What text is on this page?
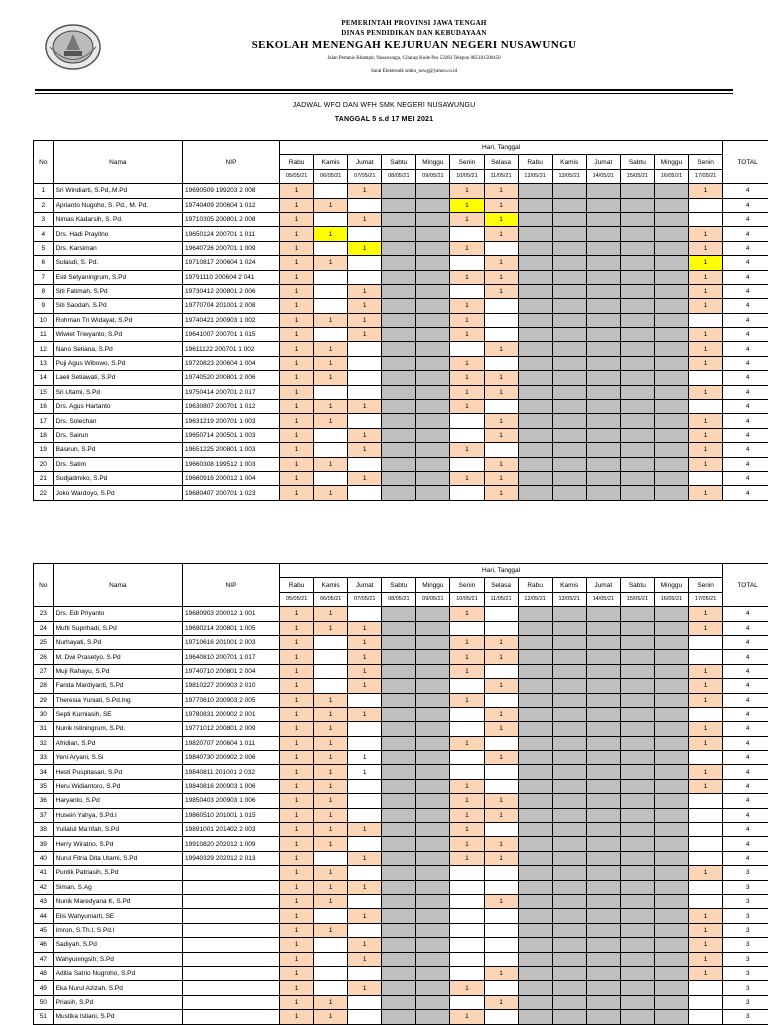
PEMERINTAH PROVINSI JAWA TENGAH
DINAS PENDIDIKAN DAN KEBUDAYAAN
SEKOLAH MENENGAH KEJURUAN NEGERI NUSAWUNGU
Jalan Pertanis Khampit, Nusawungu, Cilacap Kode Pos 53283 Telepon 085101500450
Surat Elektronik smkn_nswg@yahoo.co.id
JADWAL WFO DAN WFH SMK NEGERI NUSAWUNGU
TANGGAL 5 s.d 17 MEI 2021
No	Nama	NIP	Hari, Tanggal													TOTAL
			Rabu	Kamis	Jumat	Sabtu	Minggu	Senin	Selasa	Rabu	Kamis	Jumat	Sabtu	Minggu	Senin	
			05/05/21	06/05/21	07/05/21	08/05/21	09/05/21	10/05/21	11/05/21	12/05/21	13/05/21	14/05/21	15/05/21	16/05/21	17/05/21	
1	Sri Windiarti, S.Pd,.M.Pd	19690509 199203 2 008	1		1			1	1						1	4
2	Aprianto Nugoho, S. Pd., M. Pd.	19740409 200604 1 012	1	1				1	1							4
3	Nimas Kadarsih, S. Pd.	19710305 200801 2 008	1		1			1	1							4
4	Drs. Hadi Prayitno	19650124 200701 1 011	1	1					1						1	4
5	Drs. Karsiman	19640726 200701 1 009	1		1			1							1	4
6	Sulasdi, S. Pd.	19710817 200604 1 024	1	1					1						1	4
7	Esti Setyaningrum, S.Pd	19791110 200604 2 041	1					1	1						1	4
8	Siti Fatimah, S.Pd	19730412 200801 2 006	1		1				1						1	4
9	Siti Saodah, S.Pd	19770704 201001 2 008	1		1			1							1	4
10	Rohman Tri Widayat, S.Pd	19740421 200903 1 002	1	1	1			1								4
11	Wiwiet Triwyanto, S.Pd	19641007 200701 1 015	1		1			1							1	4
12	Nano Setiana, S.Pd	19611122 200701 1 002	1	1					1						1	4
13	Puji Agus Wibowo, S.Pd	19720823 200604 1 004	1	1				1							1	4
14	Laeli Setiawati, S.Pd	19740520 200801 2 006	1	1				1	1							4
15	Sri Utami, S.Pd	19750414 200701 2 017	1					1	1						1	4
16	Drs. Agus Hartanto	19630807 200701 1 012	1	1	1			1								4
17	Drs. Solechan	19631219 200701 1 003	1	1					1						1	4
18	Drs. Sairun	19650714 200501 1 003	1		1				1						1	4
19	Basirun, S.Pd	19651225 200801 1 003	1		1			1							1	4
20	Drs. Satim	19660308 199512 1 003	1	1					1						1	4
21	Sudjadmiko, S.Pd	19660916 200012 1 004	1		1			1	1							4
22	Joko Wardoyo, S.Pd	19680407 200701 1 023	1	1					1						1	4
No	Nama	NIP	Hari, Tanggal													TOTAL
			Rabu	Kamis	Jumat	Sabtu	Minggu	Senin	Selasa	Rabu	Kamis	Jumat	Sabtu	Minggu	Senin	
			05/05/21	06/05/21	07/05/21	08/05/21	09/05/21	10/05/21	11/05/21	12/05/21	13/05/21	14/05/21	15/05/21	16/05/21	17/05/21	
23	Drs. Edi Priyanto	19680903 200012 1 001	1	1				1							1	4
24	Mufti Suprihadi, S.Pd	19690214 200801 1 005	1	1	1										1	4
25	Nurhayati, S.Pd	19710616 201001 2 003	1		1			1	1							4
26	M. Dwi Prasetyo, S.Pd	19640810 200701 1 017	1		1			1	1							4
27	Muji Rahayu, S.Pd	19740710 200801 2 004	1		1			1							1	4
28	Farida Mardiyanti, S.Pd	19810227 200903 2 010	1		1				1						1	4
29	Theresia Yuniati, S.Pd.Ing	19770610 200903 2 005	1	1				1							1	4
30	Septi Kurniasih, SE	19780831 200902 2 001	1	1	1				1							4
31	Nunik Istiningrum, S.Pd.	19771012 200801 2 009	1	1					1						1	4
32	Afridian, S.Pd	19820707 200604 1 011	1	1				1							1	4
33	Yeni Aryani, S.Si	19840730 200902 2 006	1	1	1				1							4
34	Hesti Puspitasari, S.Pd	19840811 201001 2 032	1	1	1										1	4
35	Heru Widiantoro, S.Pd	19840816 200903 1 006	1	1				1							1	4
36	Haryanto, S.Pd	19850403 200903 1 006	1	1				1	1							4
37	Husein Yahya, S.Pd.I	19860510 201001 1 015	1	1				1	1							4
38	Yuliatul Ma'rifah, S.Pd	19891001 201402 2 003	1	1	1			1								4
39	Herry Wiratno, S.Pd	19910820 202012 1 009	1	1				1	1							4
40	Nurul Fitria Dita Utami, S.Pd	19940329 202012 2 013	1		1			1	1							4
41	Puntik Patriasih, S.Pd		1	1											1	3
42	Siman, S.Ag		1	1	1											3
43	Nunik Maredyana K, S.Pd		1	1					1							3
44	Elis Wahyuniarti, SE		1		1										1	3
45	Imron, S.Th.I, S.Pd.I		1	1											1	3
46	Sadiyah, S.Pd		1		1										1	3
47	Wahyuningsih, S.Pd		1		1										1	3
48	Aditia Satrio Nugroho, S.Pd		1						1						1	3
49	Eka Nurul Azizah, S.Pd		1		1			1								3
50	Priasih, S.Pd		1	1					1							3
51	Mustika Istiani, S.Pd		1	1				1								3
